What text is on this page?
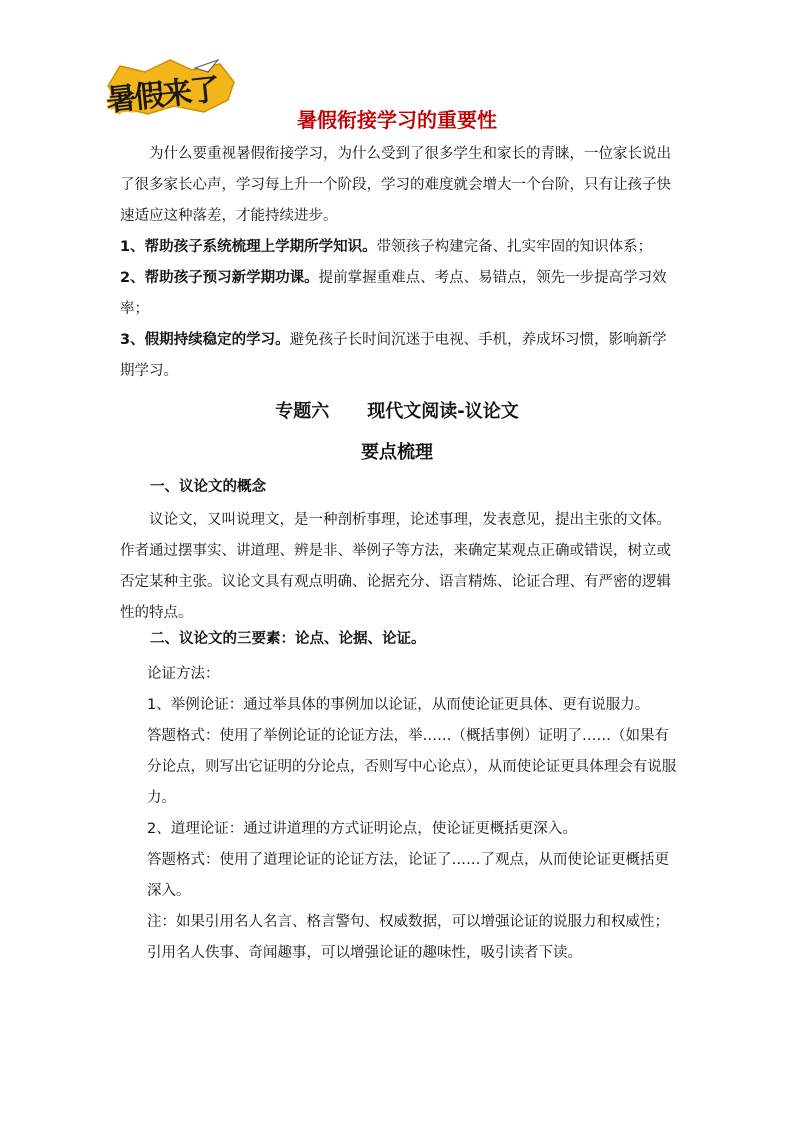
暑假来了
暑假衔接学习的重要性
为什么要重视暑假衔接学习，为什么受到了很多学生和家长的青睐，一位家长说出了很多家长心声，学习每上升一个阶段，学习的难度就会增大一个台阶，只有让孩子快速适应这种落差，才能持续进步。

1、帮助孩子系统梳理上学期所学知识。带领孩子构建完备、扎实牢固的知识体系；

2、帮助孩子预习新学期功课。提前掌握重难点、考点、易错点，领先一步提高学习效率；

3、假期持续稳定的学习。避免孩子长时间沉迷于电视、手机，养成坏习惯，影响新学期学习。

专题六 现代文阅读-议论文
要点梳理
一、议论文的概念
议论文，又叫说理文，是一种剖析事理，论述事理，发表意见，提出主张的文体。作者通过摆事实、讲道理、辨是非、举例子等方法，来确定某观点正确或错误，树立或否定某种主张。议论文具有观点明确、论据充分、语言精炼、论证合理、有严密的逻辑性的特点。
二、议论文的三要素：论点、论据、论证。

论证方法：

1、举例论证：通过举具体的事例加以论证，从而使论证更具体、更有说服力。

答题格式：使用了举例论证的论证方法，举……（概括事例）证明了……（如果有分论点，则写出它证明的分论点，否则写中心论点），从而使论证更具体理会有说服力。

2、道理论证：通过讲道理的方式证明论点，使论证更概括更深入。

答题格式：使用了道理论证的论证方法，论证了……了观点，从而使论证更概括更深入。

注：如果引用名人名言、格言警句、权威数据，可以增强论证的说服力和权威性；引用名人佚事、奇闻趣事，可以增强论证的趣味性，吸引读者下读。
